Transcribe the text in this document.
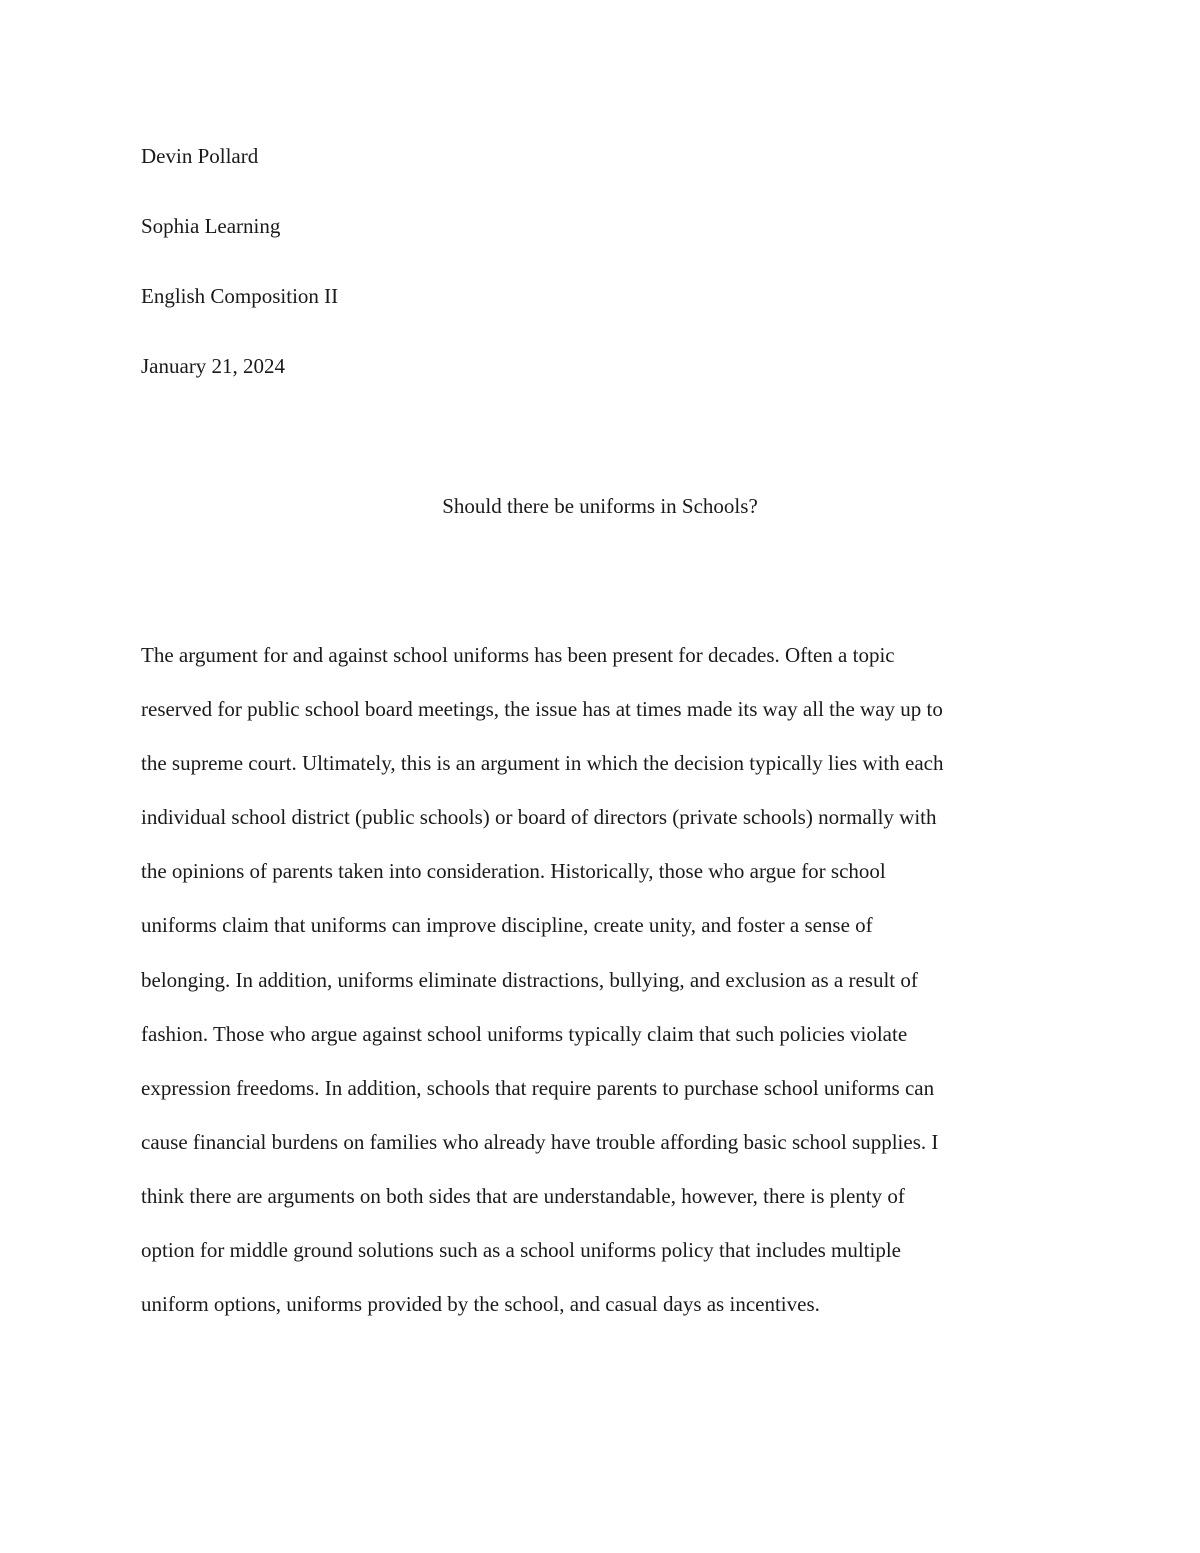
Devin Pollard
Sophia Learning
English Composition II
January 21, 2024
Should there be uniforms in Schools?
The argument for and against school uniforms has been present for decades. Often a topic
reserved for public school board meetings, the issue has at times made its way all the way up to
the supreme court. Ultimately, this is an argument in which the decision typically lies with each
individual school district (public schools) or board of directors (private schools) normally with
the opinions of parents taken into consideration. Historically, those who argue for school
uniforms claim that uniforms can improve discipline, create unity, and foster a sense of
belonging. In addition, uniforms eliminate distractions, bullying, and exclusion as a result of
fashion. Those who argue against school uniforms typically claim that such policies violate
expression freedoms. In addition, schools that require parents to purchase school uniforms can
cause financial burdens on families who already have trouble affording basic school supplies. I
think there are arguments on both sides that are understandable, however, there is plenty of
option for middle ground solutions such as a school uniforms policy that includes multiple
uniform options, uniforms provided by the school, and casual days as incentives.
